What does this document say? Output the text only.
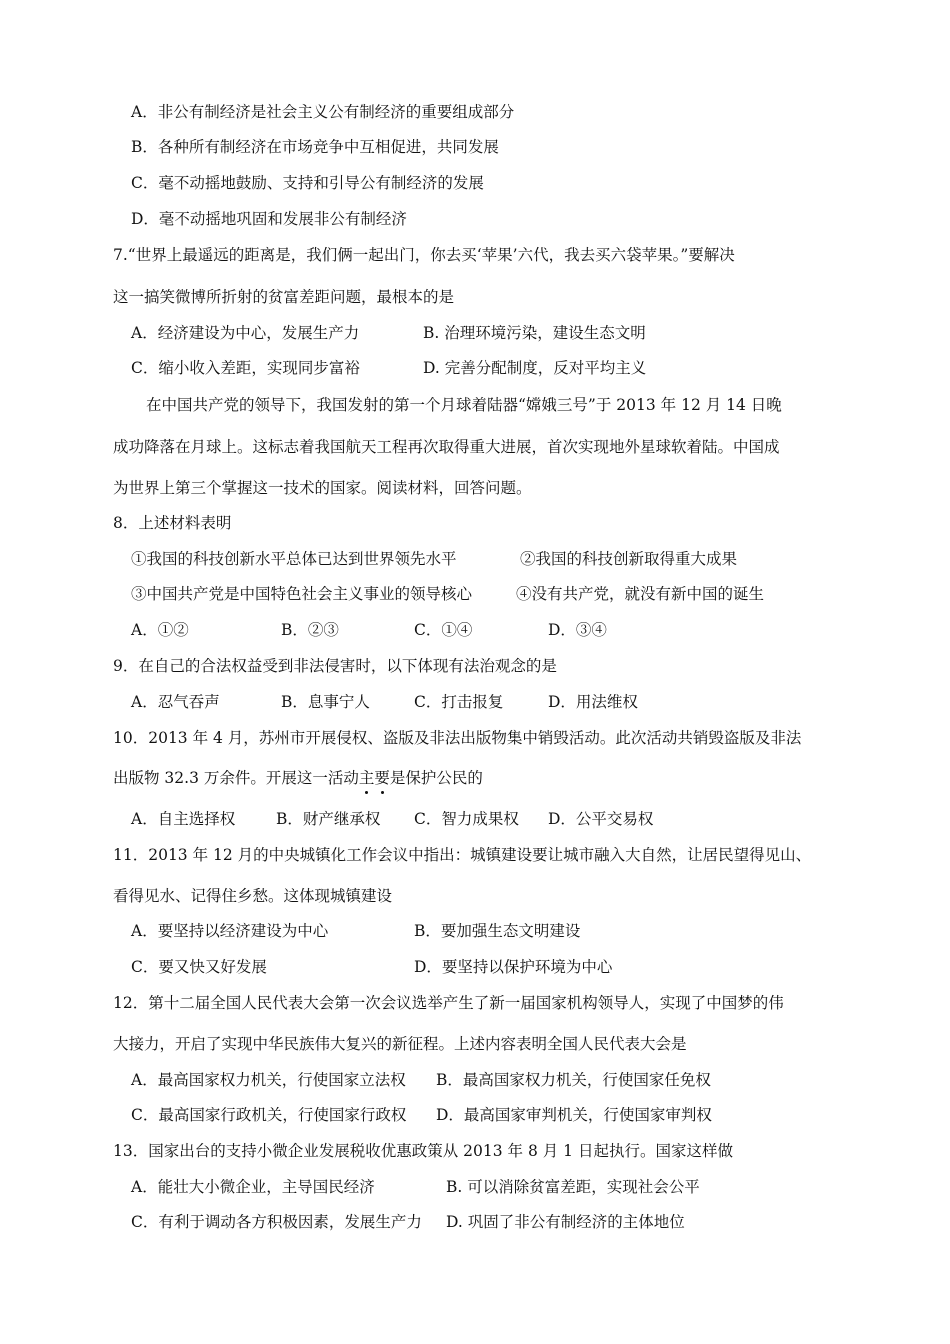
A．非公有制经济是社会主义公有制经济的重要组成部分
B．各种所有制经济在市场竞争中互相促进，共同发展
C．毫不动摇地鼓励、支持和引导公有制经济的发展
D．毫不动摇地巩固和发展非公有制经济
7.“世界上最遥远的距离是，我们俩一起出门，你去买‘苹果’六代，我去买六袋苹果。”要解决
这一搞笑微博所折射的贫富差距问题，最根本的是
A．经济建设为中心，发展生产力	B. 治理环境污染，建设生态文明
C．缩小收入差距，实现同步富裕	D. 完善分配制度，反对平均主义
在中国共产党的领导下，我国发射的第一个月球着陆器“嫦娥三号”于 2013 年 12 月 14 日晚
成功降落在月球上。这标志着我国航天工程再次取得重大进展，首次实现地外星球软着陆。中国成
为世界上第三个掌握这一技术的国家。阅读材料，回答问题。
8．上述材料表明
①我国的科技创新水平总体已达到世界领先水平	②我国的科技创新取得重大成果
③中国共产党是中国特色社会主义事业的领导核心	④没有共产党，就没有新中国的诞生
A．①②	B．②③	C．①④	D．③④
9．在自己的合法权益受到非法侵害时，以下体现有法治观念的是
A．忍气吞声	B．息事宁人	C．打击报复	D．用法维权
10．2013 年 4 月，苏州市开展侵权、盗版及非法出版物集中销毁活动。此次活动共销毁盗版及非法
出版物 32.3 万余件。开展这一活动主要是保护公民的
A．自主选择权	B．财产继承权 C．智力成果权 D．公平交易权
11．2013 年 12 月的中央城镇化工作会议中指出：城镇建设要让城市融入大自然，让居民望得见山、
看得见水、记得住乡愁。这体现城镇建设
A．要坚持以经济建设为中心	B．要加强生态文明建设
C．要又快又好发展	D．要坚持以保护环境为中心
12．第十二届全国人民代表大会第一次会议选举产生了新一届国家机构领导人，实现了中国梦的伟
大接力，开启了实现中华民族伟大复兴的新征程。上述内容表明全国人民代表大会是
A．最高国家权力机关，行使国家立法权 B．最高国家权力机关，行使国家任免权
C．最高国家行政机关，行使国家行政权 D．最高国家审判机关，行使国家审判权
13．国家出台的支持小微企业发展税收优惠政策从 2013 年 8 月 1 日起执行。国家这样做
A．能壮大小微企业，主导国民经济	B. 可以消除贫富差距，实现社会公平
C．有利于调动各方积极因素，发展生产力 D. 巩固了非公有制经济的主体地位
